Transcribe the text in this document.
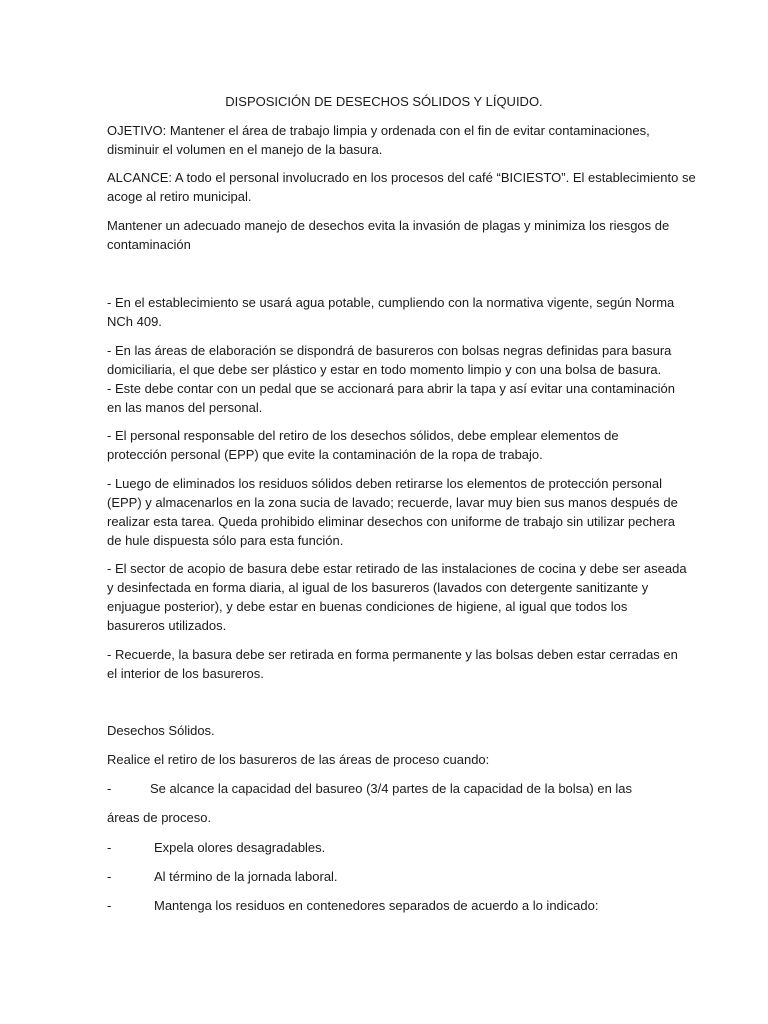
DISPOSICIÓN DE DESECHOS SÓLIDOS Y LÍQUIDO.
OJETIVO: Mantener el área de trabajo limpia y ordenada con el fin de evitar contaminaciones,
disminuir el volumen en el manejo de la basura.
ALCANCE: A todo el personal involucrado en los procesos del café “BICIESTO”. El establecimiento se
acoge al retiro municipal.
Mantener un adecuado manejo de desechos evita la invasión de plagas y minimiza los riesgos de
contaminación
- En el establecimiento se usará agua potable, cumpliendo con la normativa vigente, según Norma
NCh 409.
- En las áreas de elaboración se dispondrá de basureros con bolsas negras definidas para basura
domiciliaria, el que debe ser plástico y estar en todo momento limpio y con una bolsa de basura.
- Este debe contar con un pedal que se accionará para abrir la tapa y así evitar una contaminación
en las manos del personal.
- El personal responsable del retiro de los desechos sólidos, debe emplear elementos de
protección personal (EPP) que evite la contaminación de la ropa de trabajo.
- Luego de eliminados los residuos sólidos deben retirarse los elementos de protección personal
(EPP) y almacenarlos en la zona sucia de lavado; recuerde, lavar muy bien sus manos después de
realizar esta tarea. Queda prohibido eliminar desechos con uniforme de trabajo sin utilizar pechera
de hule dispuesta sólo para esta función.
- El sector de acopio de basura debe estar retirado de las instalaciones de cocina y debe ser aseada
y desinfectada en forma diaria, al igual de los basureros (lavados con detergente sanitizante y
enjuague posterior), y debe estar en buenas condiciones de higiene, al igual que todos los
basureros utilizados.
- Recuerde, la basura debe ser retirada en forma permanente y las bolsas deben estar cerradas en
el interior de los basureros.
Desechos Sólidos.
Realice el retiro de los basureros de las áreas de proceso cuando:
-	Se alcance la capacidad del basureo (3/4 partes de la capacidad de la bolsa) en las
áreas de proceso.
-	Expela olores desagradables.
-	Al término de la jornada laboral.
-	Mantenga los residuos en contenedores separados de acuerdo a lo indicado:
